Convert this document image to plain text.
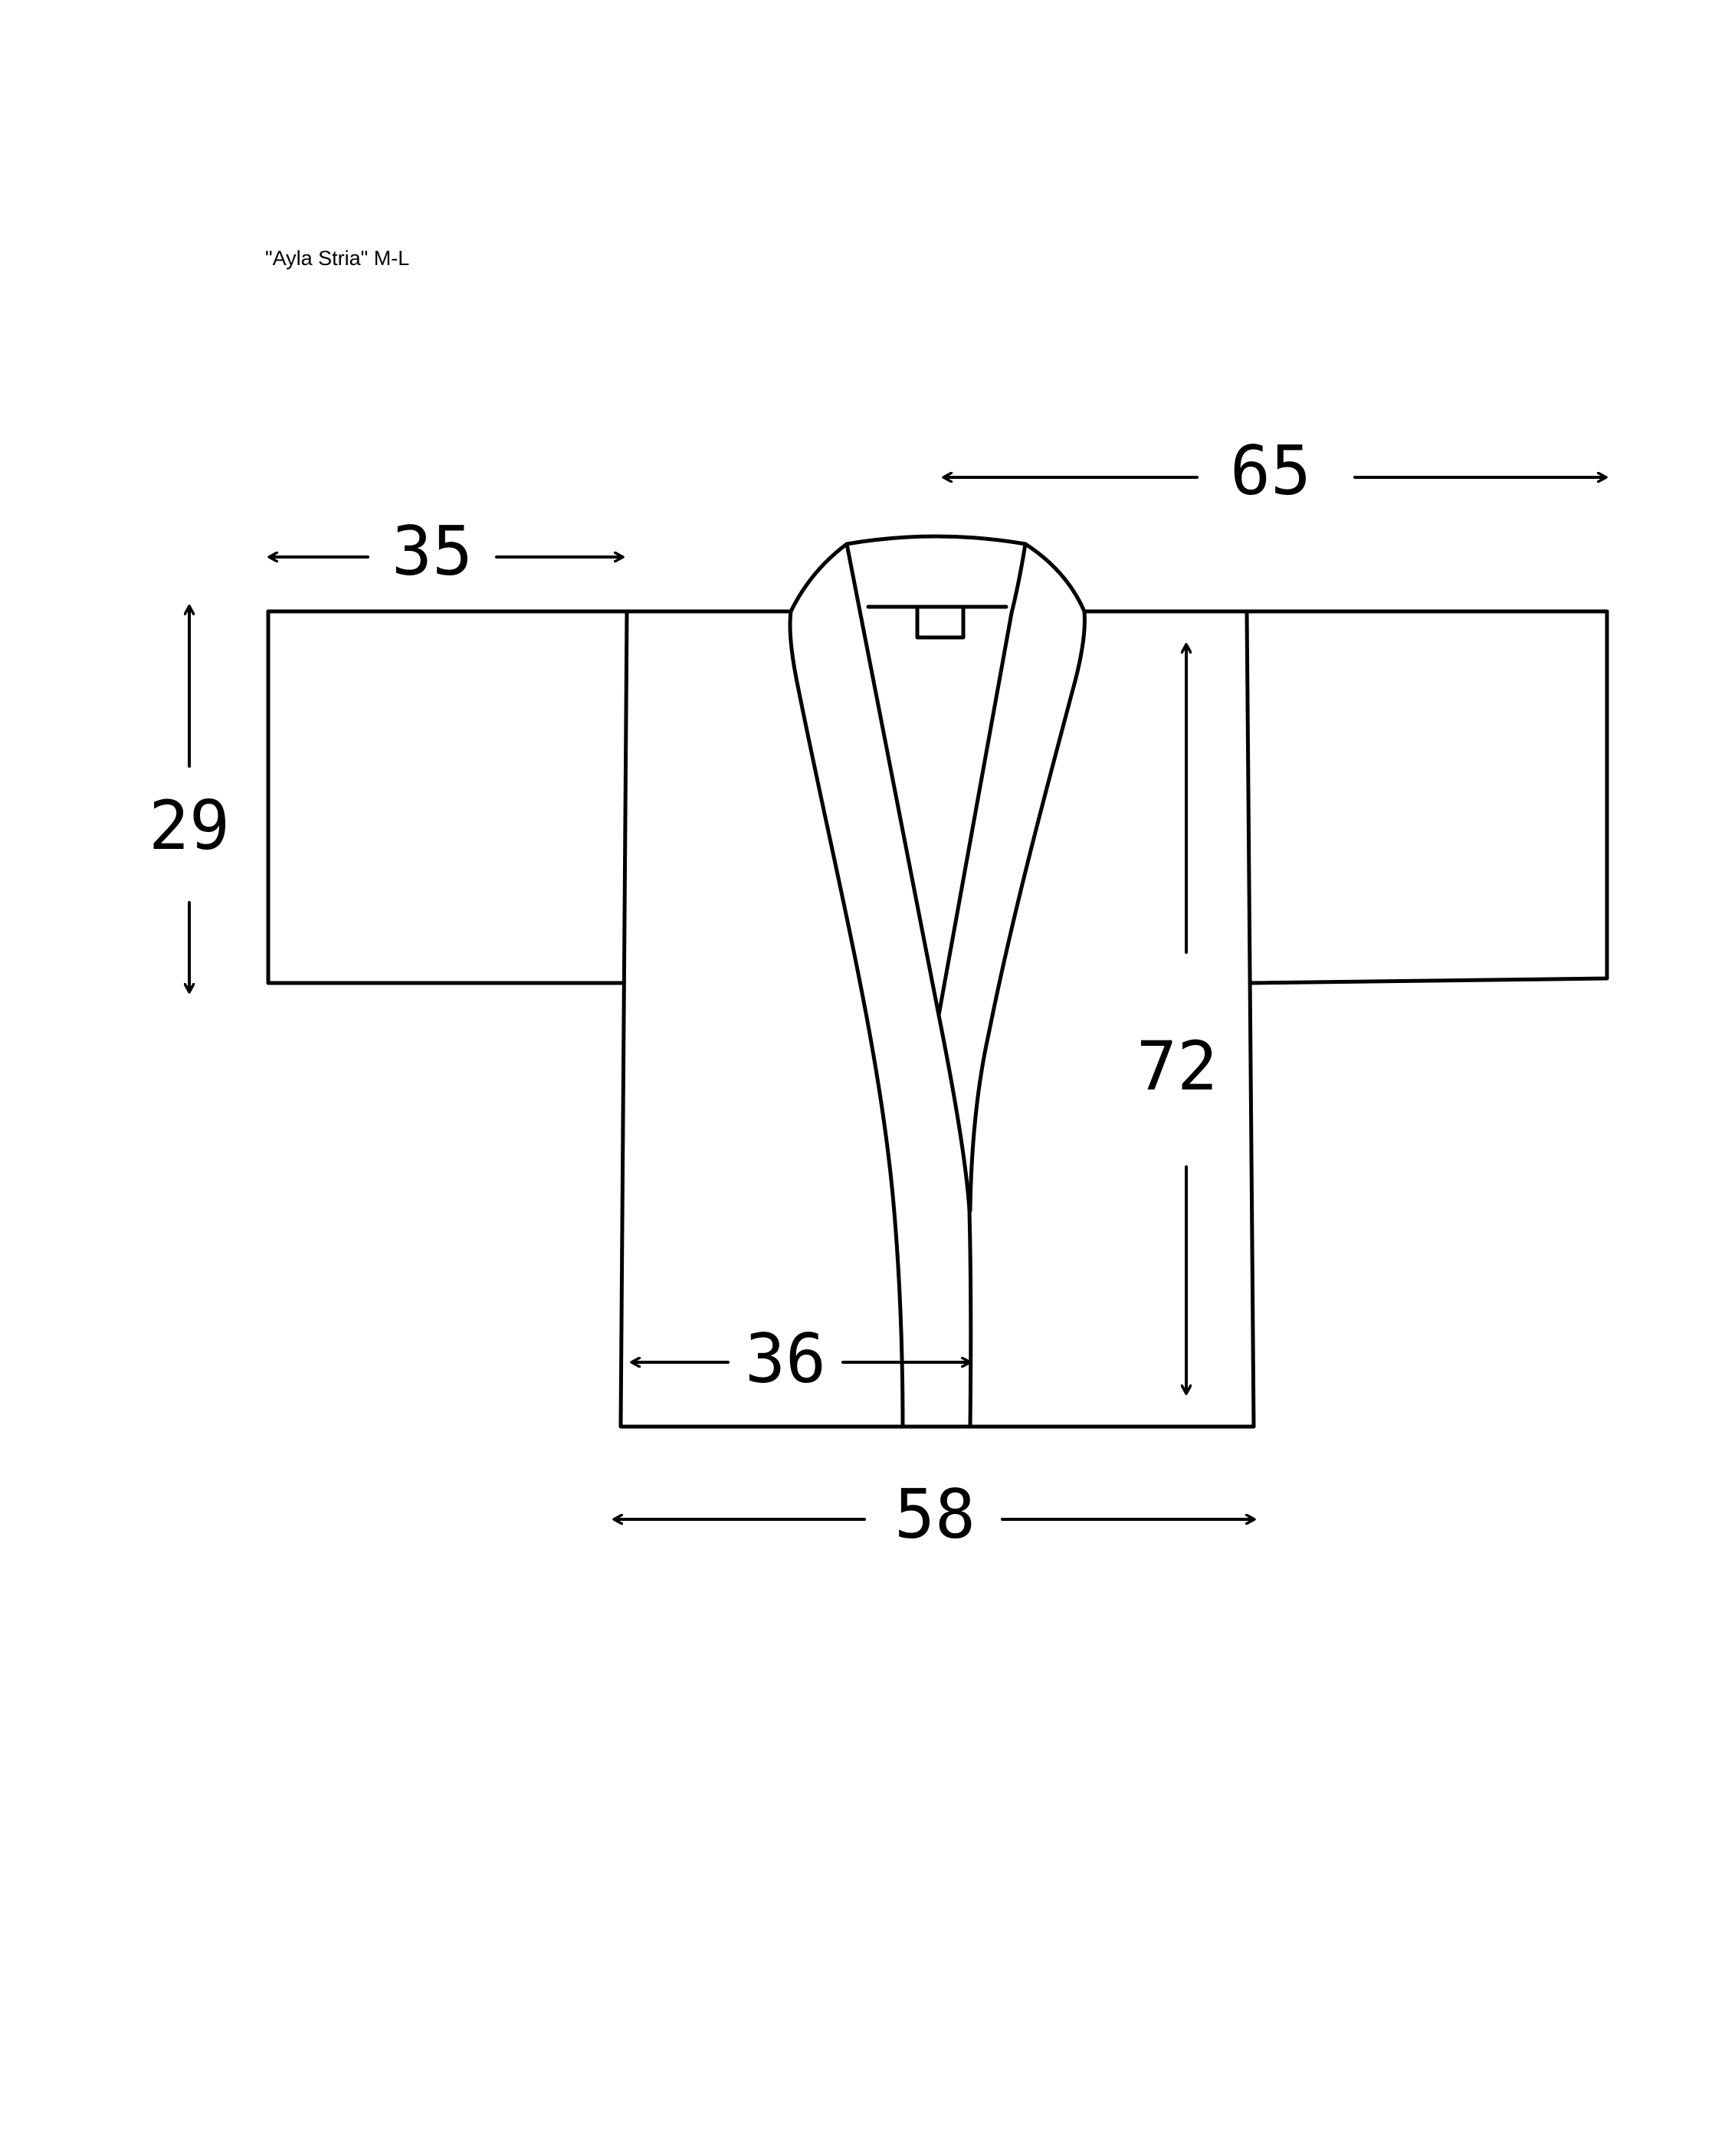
"Ayla Stria" M-L
35
65
29
72
36
58
